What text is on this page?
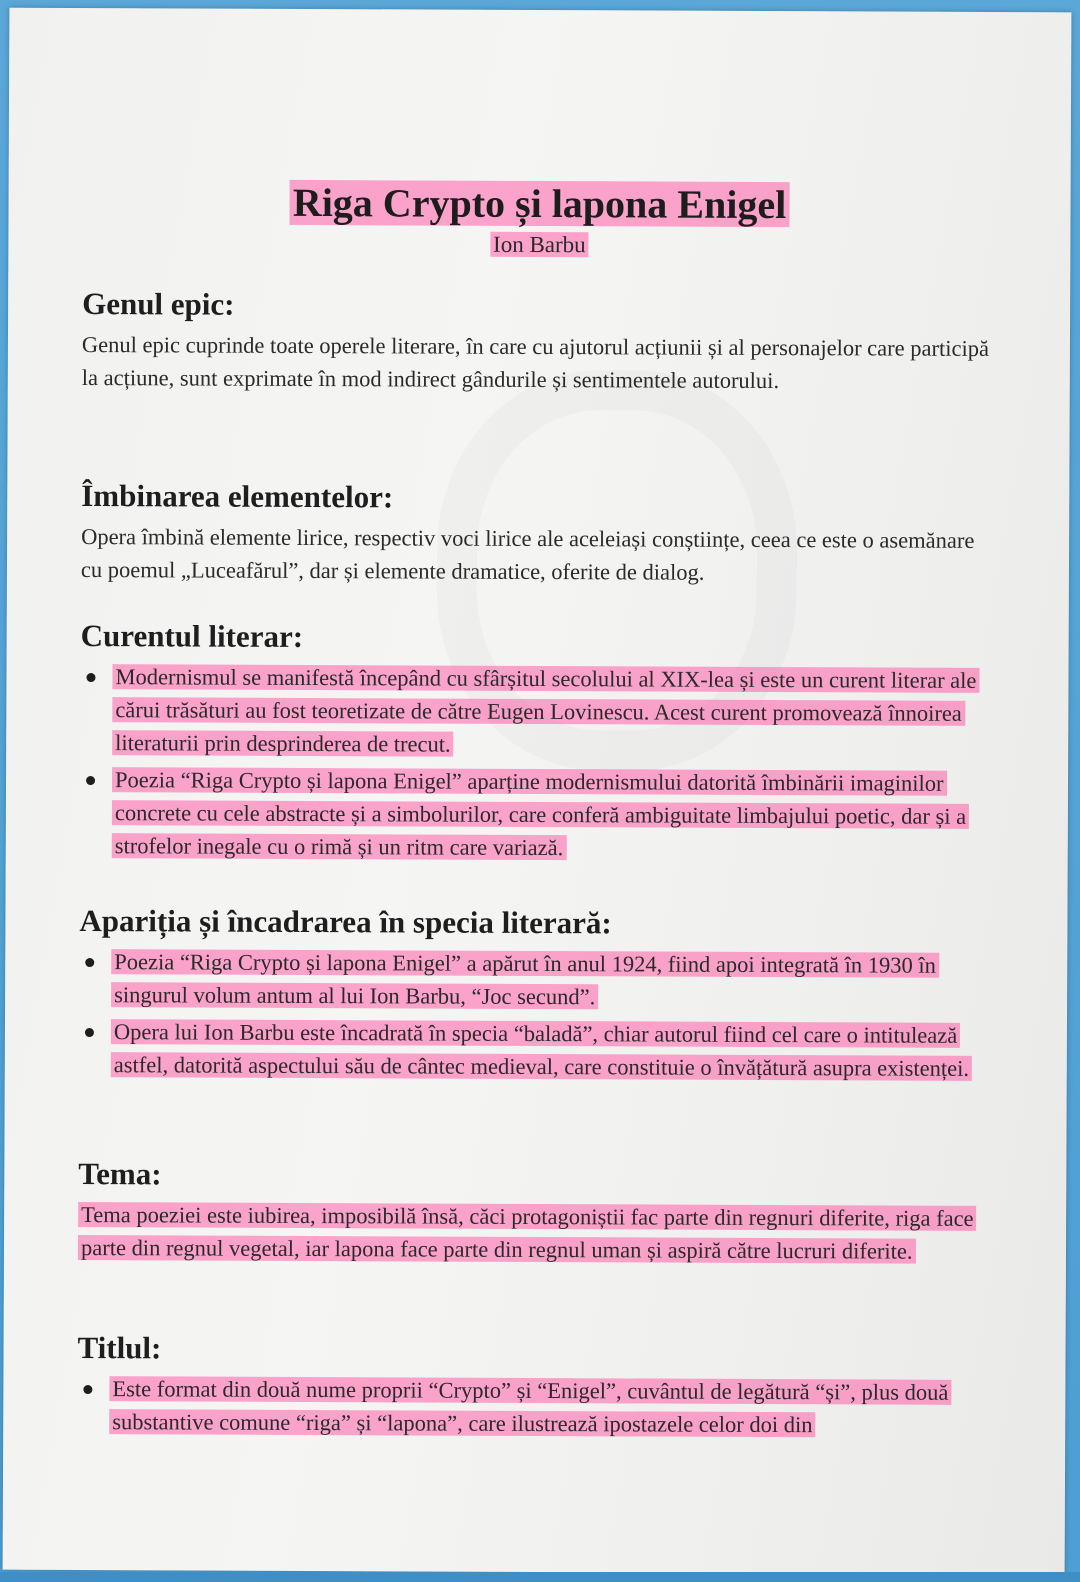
Riga Crypto și lapona Enigel
Ion Barbu
Genul epic:

Genul epic cuprinde toate operele literare, în care cu ajutorul acțiunii și al personajelor care participă la acțiune, sunt exprimate în mod indirect gândurile și sentimentele autorului.

Îmbinarea elementelor:

Opera îmbină elemente lirice, respectiv voci lirice ale aceleiași conștiințe, ceea ce este o asemănare cu poemul „Luceafărul”, dar și elemente dramatice, oferite de dialog.

Curentul literar:
Modernismul se manifestă începând cu sfârșitul secolului al XIX-lea și este un curent literar ale cărui trăsături au fost teoretizate de către Eugen Lovinescu. Acest curent promovează înnoirea literaturii prin desprinderea de trecut.
Poezia “Riga Crypto și lapona Enigel” aparține modernismului datorită îmbinării imaginilor concrete cu cele abstracte și a simbolurilor, care conferă ambiguitate limbajului poetic, dar și a strofelor inegale cu o rimă și un ritm care variază.
Apariția și încadrarea în specia literară:
Poezia “Riga Crypto și lapona Enigel” a apărut în anul 1924, fiind apoi integrată în 1930 în singurul volum antum al lui Ion Barbu, “Joc secund”.
Opera lui Ion Barbu este încadrată în specia “baladă”, chiar autorul fiind cel care o intitulează astfel, datorită aspectului său de cântec medieval, care constituie o învățătură asupra existenței.
Tema:

Tema poeziei este iubirea, imposibilă însă, căci protagoniștii fac parte din regnuri diferite, riga face parte din regnul vegetal, iar lapona face parte din regnul uman și aspiră către lucruri diferite.

Titlul:
Este format din două nume proprii “Crypto” și “Enigel”, cuvântul de legătură “și”, plus două substantive comune “riga” și “lapona”, care ilustrează ipostazele celor doi din
